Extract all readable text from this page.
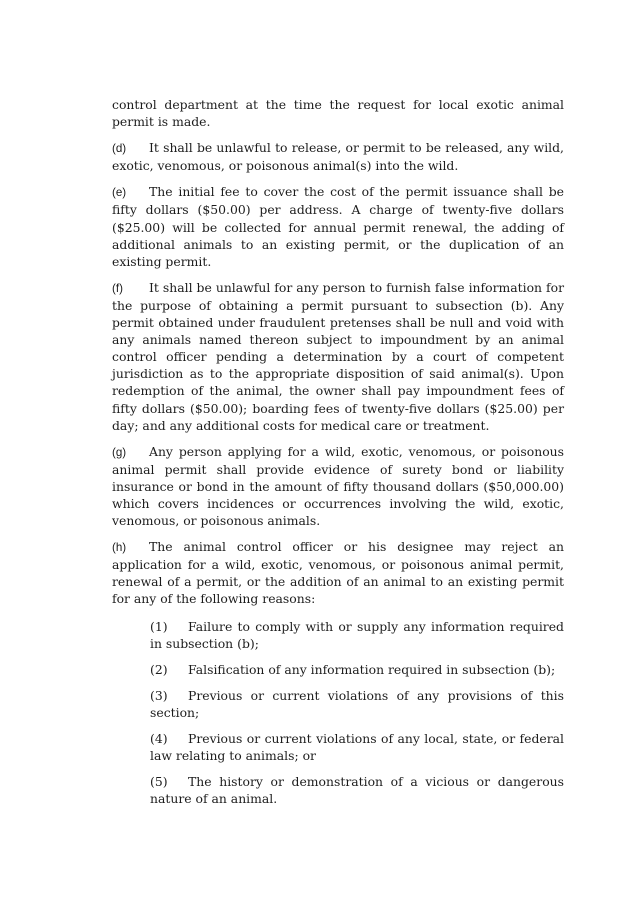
control department at the time the request for local exotic animal permit is made.

(d) It shall be unlawful to release, or permit to be released, any wild, exotic, venomous, or poisonous animal(s) into the wild.

(e) The initial fee to cover the cost of the permit issuance shall be fifty dollars ($50.00) per address. A charge of twenty-five dollars ($25.00) will be collected for annual permit renewal, the adding of additional animals to an existing permit, or the duplication of an existing permit.

(f) It shall be unlawful for any person to furnish false information for the purpose of obtaining a permit pursuant to subsection (b). Any permit obtained under fraudulent pretenses shall be null and void with any animals named thereon subject to impoundment by an animal control officer pending a determination by a court of competent jurisdiction as to the appropriate disposition of said animal(s). Upon redemption of the animal, the owner shall pay impoundment fees of fifty dollars ($50.00); boarding fees of twenty-five dollars ($25.00) per day; and any additional costs for medical care or treatment.

(g) Any person applying for a wild, exotic, venomous, or poisonous animal permit shall provide evidence of surety bond or liability insurance or bond in the amount of fifty thousand dollars ($50,000.00) which covers incidences or occurrences involving the wild, exotic, venomous, or poisonous animals.

(h) The animal control officer or his designee may reject an application for a wild, exotic, venomous, or poisonous animal permit, renewal of a permit, or the addition of an animal to an existing permit for any of the following reasons:

(1) Failure to comply with or supply any information required in subsection (b);

(2) Falsification of any information required in subsection (b);

(3) Previous or current violations of any provisions of this section;

(4) Previous or current violations of any local, state, or federal law relating to animals; or

(5) The history or demonstration of a vicious or dangerous nature of an animal.
